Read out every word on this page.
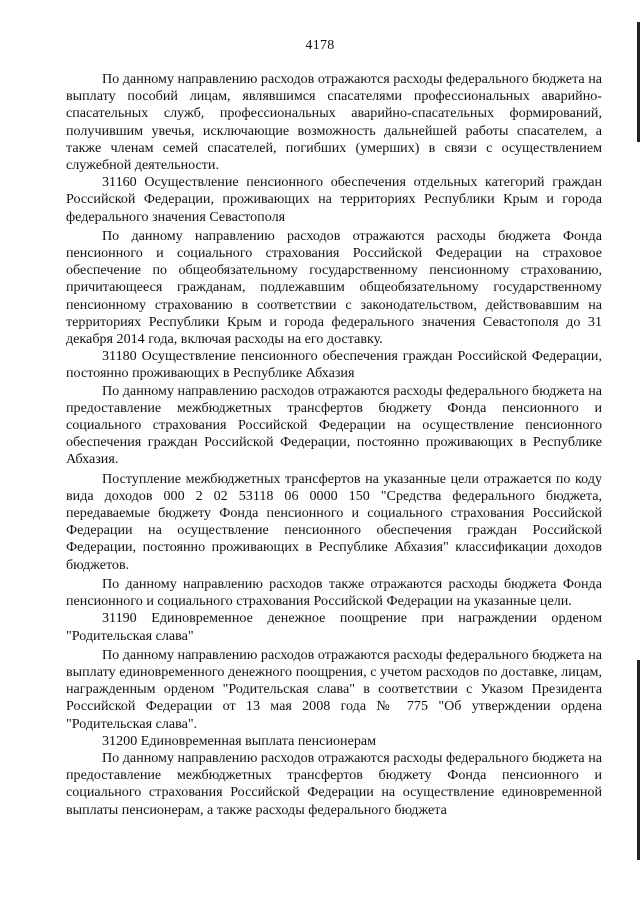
4178

По данному направлению расходов отражаются расходы федерального бюджета на выплату пособий лицам, являвшимся спасателями профессиональных аварийно-спасательных служб, профессиональных аварийно-спасательных формирований, получившим увечья, исключающие возможность дальнейшей работы спасателем, а также членам семей спасателей, погибших (умерших) в связи с осуществлением служебной деятельности.

31160 Осуществление пенсионного обеспечения отдельных категорий граждан Российской Федерации, проживающих на территориях Республики Крым и города федерального значения Севастополя

По данному направлению расходов отражаются расходы бюджета Фонда пенсионного и социального страхования Российской Федерации на страховое обеспечение по общеобязательному государственному пенсионному страхованию, причитающееся гражданам, подлежавшим общеобязательному государственному пенсионному страхованию в соответствии с законодательством, действовавшим на территориях Республики Крым и города федерального значения Севастополя до 31 декабря 2014 года, включая расходы на его доставку.

31180 Осуществление пенсионного обеспечения граждан Российской Федерации, постоянно проживающих в Республике Абхазия

По данному направлению расходов отражаются расходы федерального бюджета на предоставление межбюджетных трансфертов бюджету Фонда пенсионного и социального страхования Российской Федерации на осуществление пенсионного обеспечения граждан Российской Федерации, постоянно проживающих в Республике Абхазия.

Поступление межбюджетных трансфертов на указанные цели отражается по коду вида доходов 000 2 02 53118 06 0000 150 "Средства федерального бюджета, передаваемые бюджету Фонда пенсионного и социального страхования Российской Федерации на осуществление пенсионного обеспечения граждан Российской Федерации, постоянно проживающих в Республике Абхазия" классификации доходов бюджетов.

По данному направлению расходов также отражаются расходы бюджета Фонда пенсионного и социального страхования Российской Федерации на указанные цели.

31190 Единовременное денежное поощрение при награждении орденом "Родительская слава"

По данному направлению расходов отражаются расходы федерального бюджета на выплату единовременного денежного поощрения, с учетом расходов по доставке, лицам, награжденным орденом "Родительская слава" в соответствии с Указом Президента Российской Федерации от 13 мая 2008 года № 775 "Об утверждении ордена "Родительская слава".

31200 Единовременная выплата пенсионерам

По данному направлению расходов отражаются расходы федерального бюджета на предоставление межбюджетных трансфертов бюджету Фонда пенсионного и социального страхования Российской Федерации на осуществление единовременной выплаты пенсионерам, а также расходы федерального бюджета
